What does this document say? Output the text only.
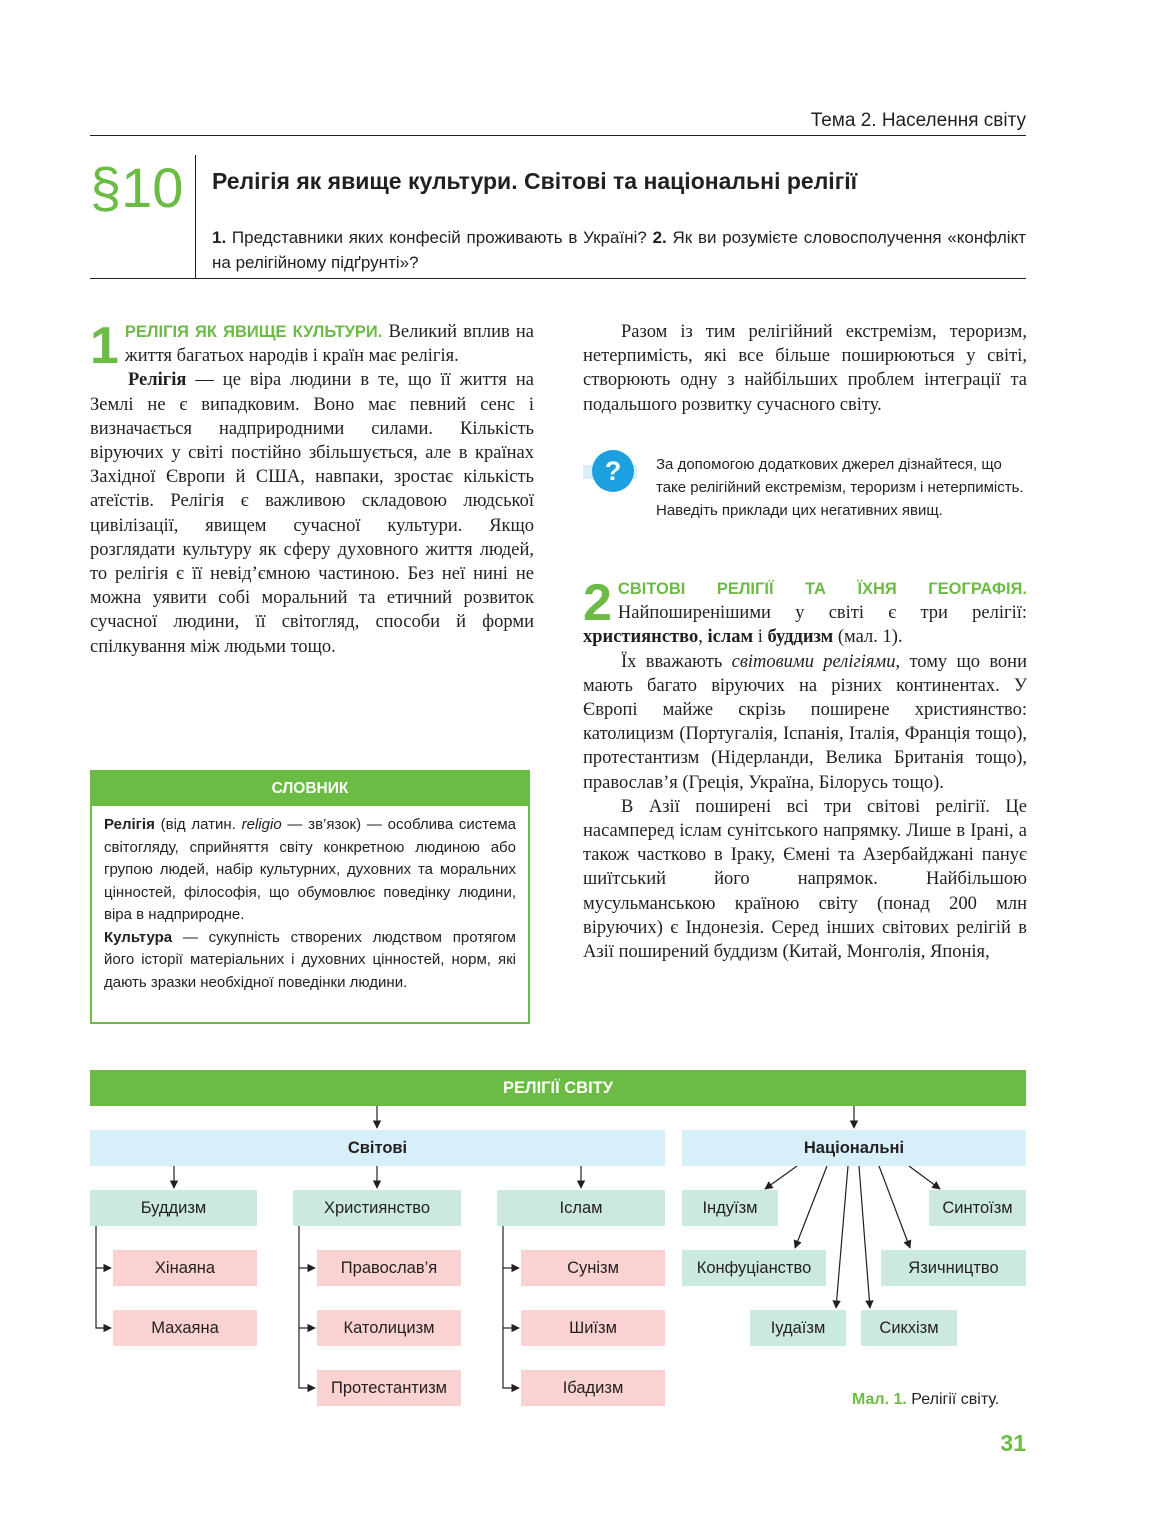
Тема 2. Населення світу
§10 Релігія як явище культури. Світові та національні релігії
1. Представники яких конфесій проживають в Україні? 2. Як ви розумієте словосполучення «конфлікт на релігійному підґрунті»?

1 РЕЛІГІЯ ЯК ЯВИЩЕ КУЛЬТУРИ. Великий вплив на життя багатьох народів і країн має релігія.

Релігія — це віра людини в те, що її життя на Землі не є випадковим. Воно має певний сенс і визначається надприродними силами. Кількість віруючих у світі постійно збільшується, але в країнах Західної Європи й США, навпаки, зростає кількість атеїстів. Релігія є важливою складовою людської цивілізації, явищем сучасної культури. Якщо розглядати культуру як сферу духовного життя людей, то релігія є її невід’ємною частиною. Без неї нині не можна уявити собі моральний та етичний розвиток сучасної людини, її світогляд, способи й форми спілкування між людьми тощо.

СЛОВНИК

Релігія (від латин. religio — зв’язок) — особлива система світогляду, сприйняття світу конкретною людиною або групою людей, набір культурних, духовних та моральних цінностей, філософія, що обумовлює поведінку людини, віра в надприродне.

Культура — сукупність створених людством протягом його історії матеріальних і духовних цінностей, норм, які дають зразки необхідної поведінки людини.

Разом із тим релігійний екстремізм, тероризм, нетерпимість, які все більше поширюються у світі, створюють одну з найбільших проблем інтеграції та подальшого розвитку сучасного світу.

? За допомогою додаткових джерел дізнайтеся, що таке релігійний екстремізм, тероризм і нетерпимість. Наведіть приклади цих негативних явищ.

2 СВІТОВІ РЕЛІГІЇ ТА ЇХНЯ ГЕОГРАФІЯ. Найпоширенішими у світі є три релігії: християнство, іслам і буддизм (мал. 1).

Їх вважають світовими релігіями, тому що вони мають багато віруючих на різних континентах. У Європі майже скрізь поширене християнство: католицизм (Португалія, Іспанія, Італія, Франція тощо), протестантизм (Нідерланди, Велика Британія тощо), православ’я (Греція, Україна, Білорусь тощо).

В Азії поширені всі три світові релігії. Це насамперед іслам сунітського напрямку. Лише в Ірані, а також частково в Іраку, Ємені та Азербайджані панує шиїтський його напрямок. Найбільшою мусульманською країною світу (понад 200 млн віруючих) є Індонезія. Серед інших світових релігій в Азії поширений буддизм (Китай, Монголія, Японія,

РЕЛІГІЇ СВІТУ
Світові	Національні
Буддизм	Християнство	Іслам
Хінаяна
Махаяна
Православ’я
Католицизм
Протестантизм
Сунізм
Шиїзм
Ібадизм
Індуїзм	Синтоїзм
Конфуціанство	Язичництво
Іудаїзм	Сикхізм
Мал. 1. Релігії світу.
31
